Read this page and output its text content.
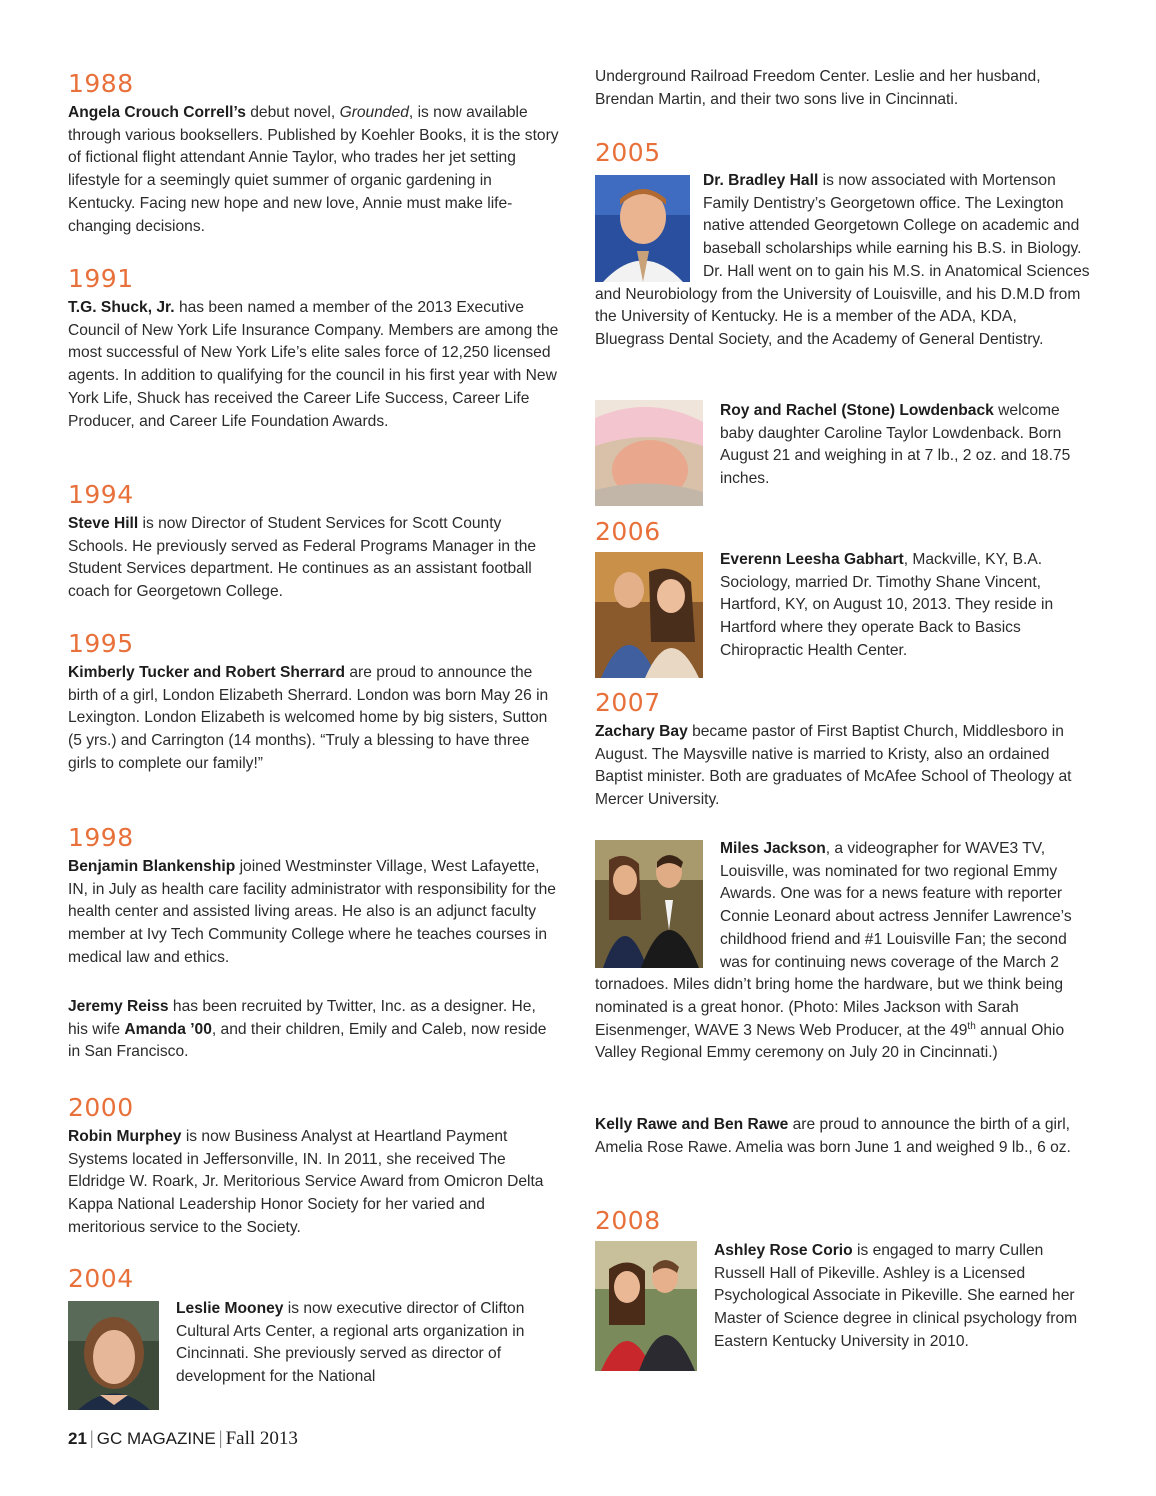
1988

Angela Crouch Correll’s debut novel, Grounded, is now available through various booksellers. Published by Koehler Books, it is the story of fictional flight attendant Annie Taylor, who trades her jet setting lifestyle for a seemingly quiet summer of organic gardening in Kentucky. Facing new hope and new love, Annie must make life-changing decisions.

1991

T.G. Shuck, Jr. has been named a member of the 2013 Executive Council of New York Life Insurance Company. Members are among the most successful of New York Life’s elite sales force of 12,250 licensed agents. In addition to qualifying for the council in his first year with New York Life, Shuck has received the Career Life Success, Career Life Producer, and Career Life Foundation Awards.

1994

Steve Hill is now Director of Student Services for Scott County Schools. He previously served as Federal Programs Manager in the Student Services department. He continues as an assistant football coach for Georgetown College.

1995

Kimberly Tucker and Robert Sherrard are proud to announce the birth of a girl, London Elizabeth Sherrard. London was born May 26 in Lexington. London Elizabeth is welcomed home by big sisters, Sutton (5 yrs.) and Carrington (14 months). “Truly a blessing to have three girls to complete our family!”

1998

Benjamin Blankenship joined Westminster Village, West Lafayette, IN, in July as health care facility administrator with responsibility for the health center and assisted living areas. He also is an adjunct faculty member at Ivy Tech Community College where he teaches courses in medical law and ethics.

Jeremy Reiss has been recruited by Twitter, Inc. as a designer. He, his wife Amanda ’00, and their children, Emily and Caleb, now reside in San Francisco.

2000

Robin Murphey is now Business Analyst at Heartland Payment Systems located in Jeffersonville, IN. In 2011, she received The Eldridge W. Roark, Jr. Meritorious Service Award from Omicron Delta Kappa National Leadership Honor Society for her varied and meritorious service to the Society.

2004

Leslie Mooney is now executive director of Clifton Cultural Arts Center, a regional arts organization in Cincinnati. She previously served as director of development for the National

Underground Railroad Freedom Center. Leslie and her husband, Brendan Martin, and their two sons live in Cincinnati.

2005

Dr. Bradley Hall is now associated with Mortenson Family Dentistry’s Georgetown office. The Lexington native attended Georgetown College on academic and baseball scholarships while earning his B.S. in Biology. Dr. Hall went on to gain his M.S. in Anatomical Sciences and Neurobiology from the University of Louisville, and his D.M.D from the University of Kentucky. He is a member of the ADA, KDA, Bluegrass Dental Society, and the Academy of General Dentistry.

Roy and Rachel (Stone) Lowdenback welcome baby daughter Caroline Taylor Lowdenback. Born August 21 and weighing in at 7 lb., 2 oz. and 18.75 inches.

2006

Everenn Leesha Gabhart, Mackville, KY, B.A. Sociology, married Dr. Timothy Shane Vincent, Hartford, KY, on August 10, 2013. They reside in Hartford where they operate Back to Basics Chiropractic Health Center.

2007

Zachary Bay became pastor of First Baptist Church, Middlesboro in August. The Maysville native is married to Kristy, also an ordained Baptist minister. Both are graduates of McAfee School of Theology at Mercer University.

Miles Jackson, a videographer for WAVE3 TV, Louisville, was nominated for two regional Emmy Awards. One was for a news feature with reporter Connie Leonard about actress Jennifer Lawrence’s childhood friend and #1 Louisville Fan; the second was for continuing news coverage of the March 2 tornadoes. Miles didn’t bring home the hardware, but we think being nominated is a great honor. (Photo: Miles Jackson with Sarah Eisenmenger, WAVE 3 News Web Producer, at the 49th annual Ohio Valley Regional Emmy ceremony on July 20 in Cincinnati.)

Kelly Rawe and Ben Rawe are proud to announce the birth of a girl, Amelia Rose Rawe. Amelia was born June 1 and weighed 9 lb., 6 oz.

2008

Ashley Rose Corio is engaged to marry Cullen Russell Hall of Pikeville. Ashley is a Licensed Psychological Associate in Pikeville. She earned her Master of Science degree in clinical psychology from Eastern Kentucky University in 2010.

21 | GC MAGAZINE | Fall 2013
